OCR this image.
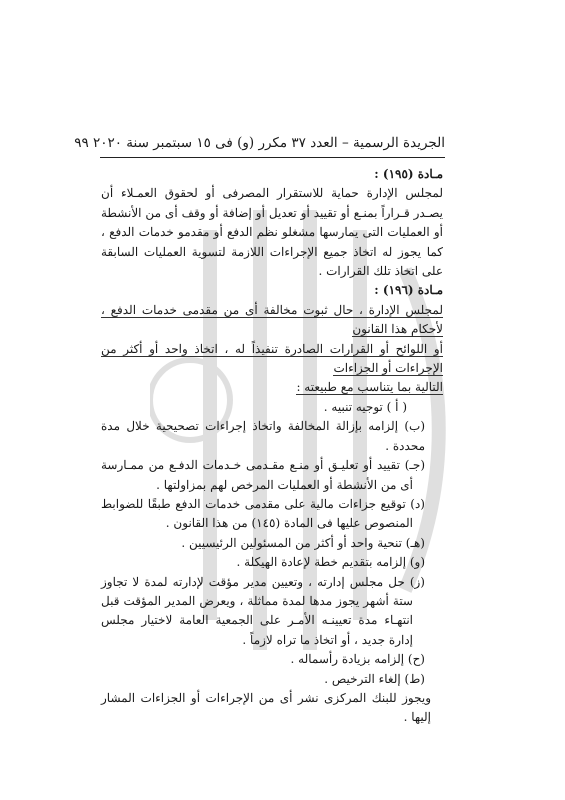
الجريدة الرسمية – العدد ٣٧ مكرر (و) فى ١٥ سبتمبر سنة ٢٠٢٠ ٩٩

مـادة (١٩٥) :

لمجلس الإدارة حماية للاستقرار المصرفى أو لحقوق العمـلاء أن يصـدر قـراراً بمنـع أو تقييد أو تعديل أو إضافة أو وقف أى من الأنشطة أو العمليات التى يمارسها مشغلو نظم الدفع أو مقدمو خدمات الدفع ، كما يجوز له اتخاذ جميع الإجراءات اللازمة لتسوية العمليات السابقة على اتخاذ تلك القرارات .

مـادة (١٩٦) :

لمجلس الإدارة ، حال ثبوت مخالفة أى من مقدمى خدمات الدفع ، لأحكام هذا القانون

أو اللوائح أو القرارات الصادرة تنفيذاً له ، اتخاذ واحد أو أكثر من الإجراءات أو الجزاءات

التالية بما يتناسب مع طبيعته :

( أ ) توجيه تنبيه .

(ب) إلزامه بإزالة المخالفة واتخاذ إجراءات تصحيحية خلال مدة محددة .

(جـ) تقييد أو تعليـق أو منـع مقـدمى خـدمات الدفـع من ممـارسة أى من الأنشطة أو العمليات المرخص لهم بمزاولتها .

(د) توقيع جزاءات مالية على مقدمى خدمات الدفع طبقًا للضوابط المنصوص عليها فى المادة (١٤٥) من هذا القانون .

(هـ) تنحية واحد أو أكثر من المسئولين الرئيسيين .

(و) إلزامه بتقديم خطة لإعادة الهيكلة .

(ز) حل مجلس إدارته ، وتعيين مدير مؤقت لإدارته لمدة لا تجاوز ستة أشهر يجوز مدها لمدة مماثلة ، ويعرض المدير المؤقت قبل انتهـاء مدة تعيينـه الأمـر على الجمعية العامة لاختيار مجلس إدارة جديد ، أو اتخاذ ما تراه لازماً .

(ح) إلزامه بزيادة رأسماله .

(ط) إلغاء الترخيص .

ويجوز للبنك المركزى نشر أى من الإجراءات أو الجزاءات المشار إليها .
